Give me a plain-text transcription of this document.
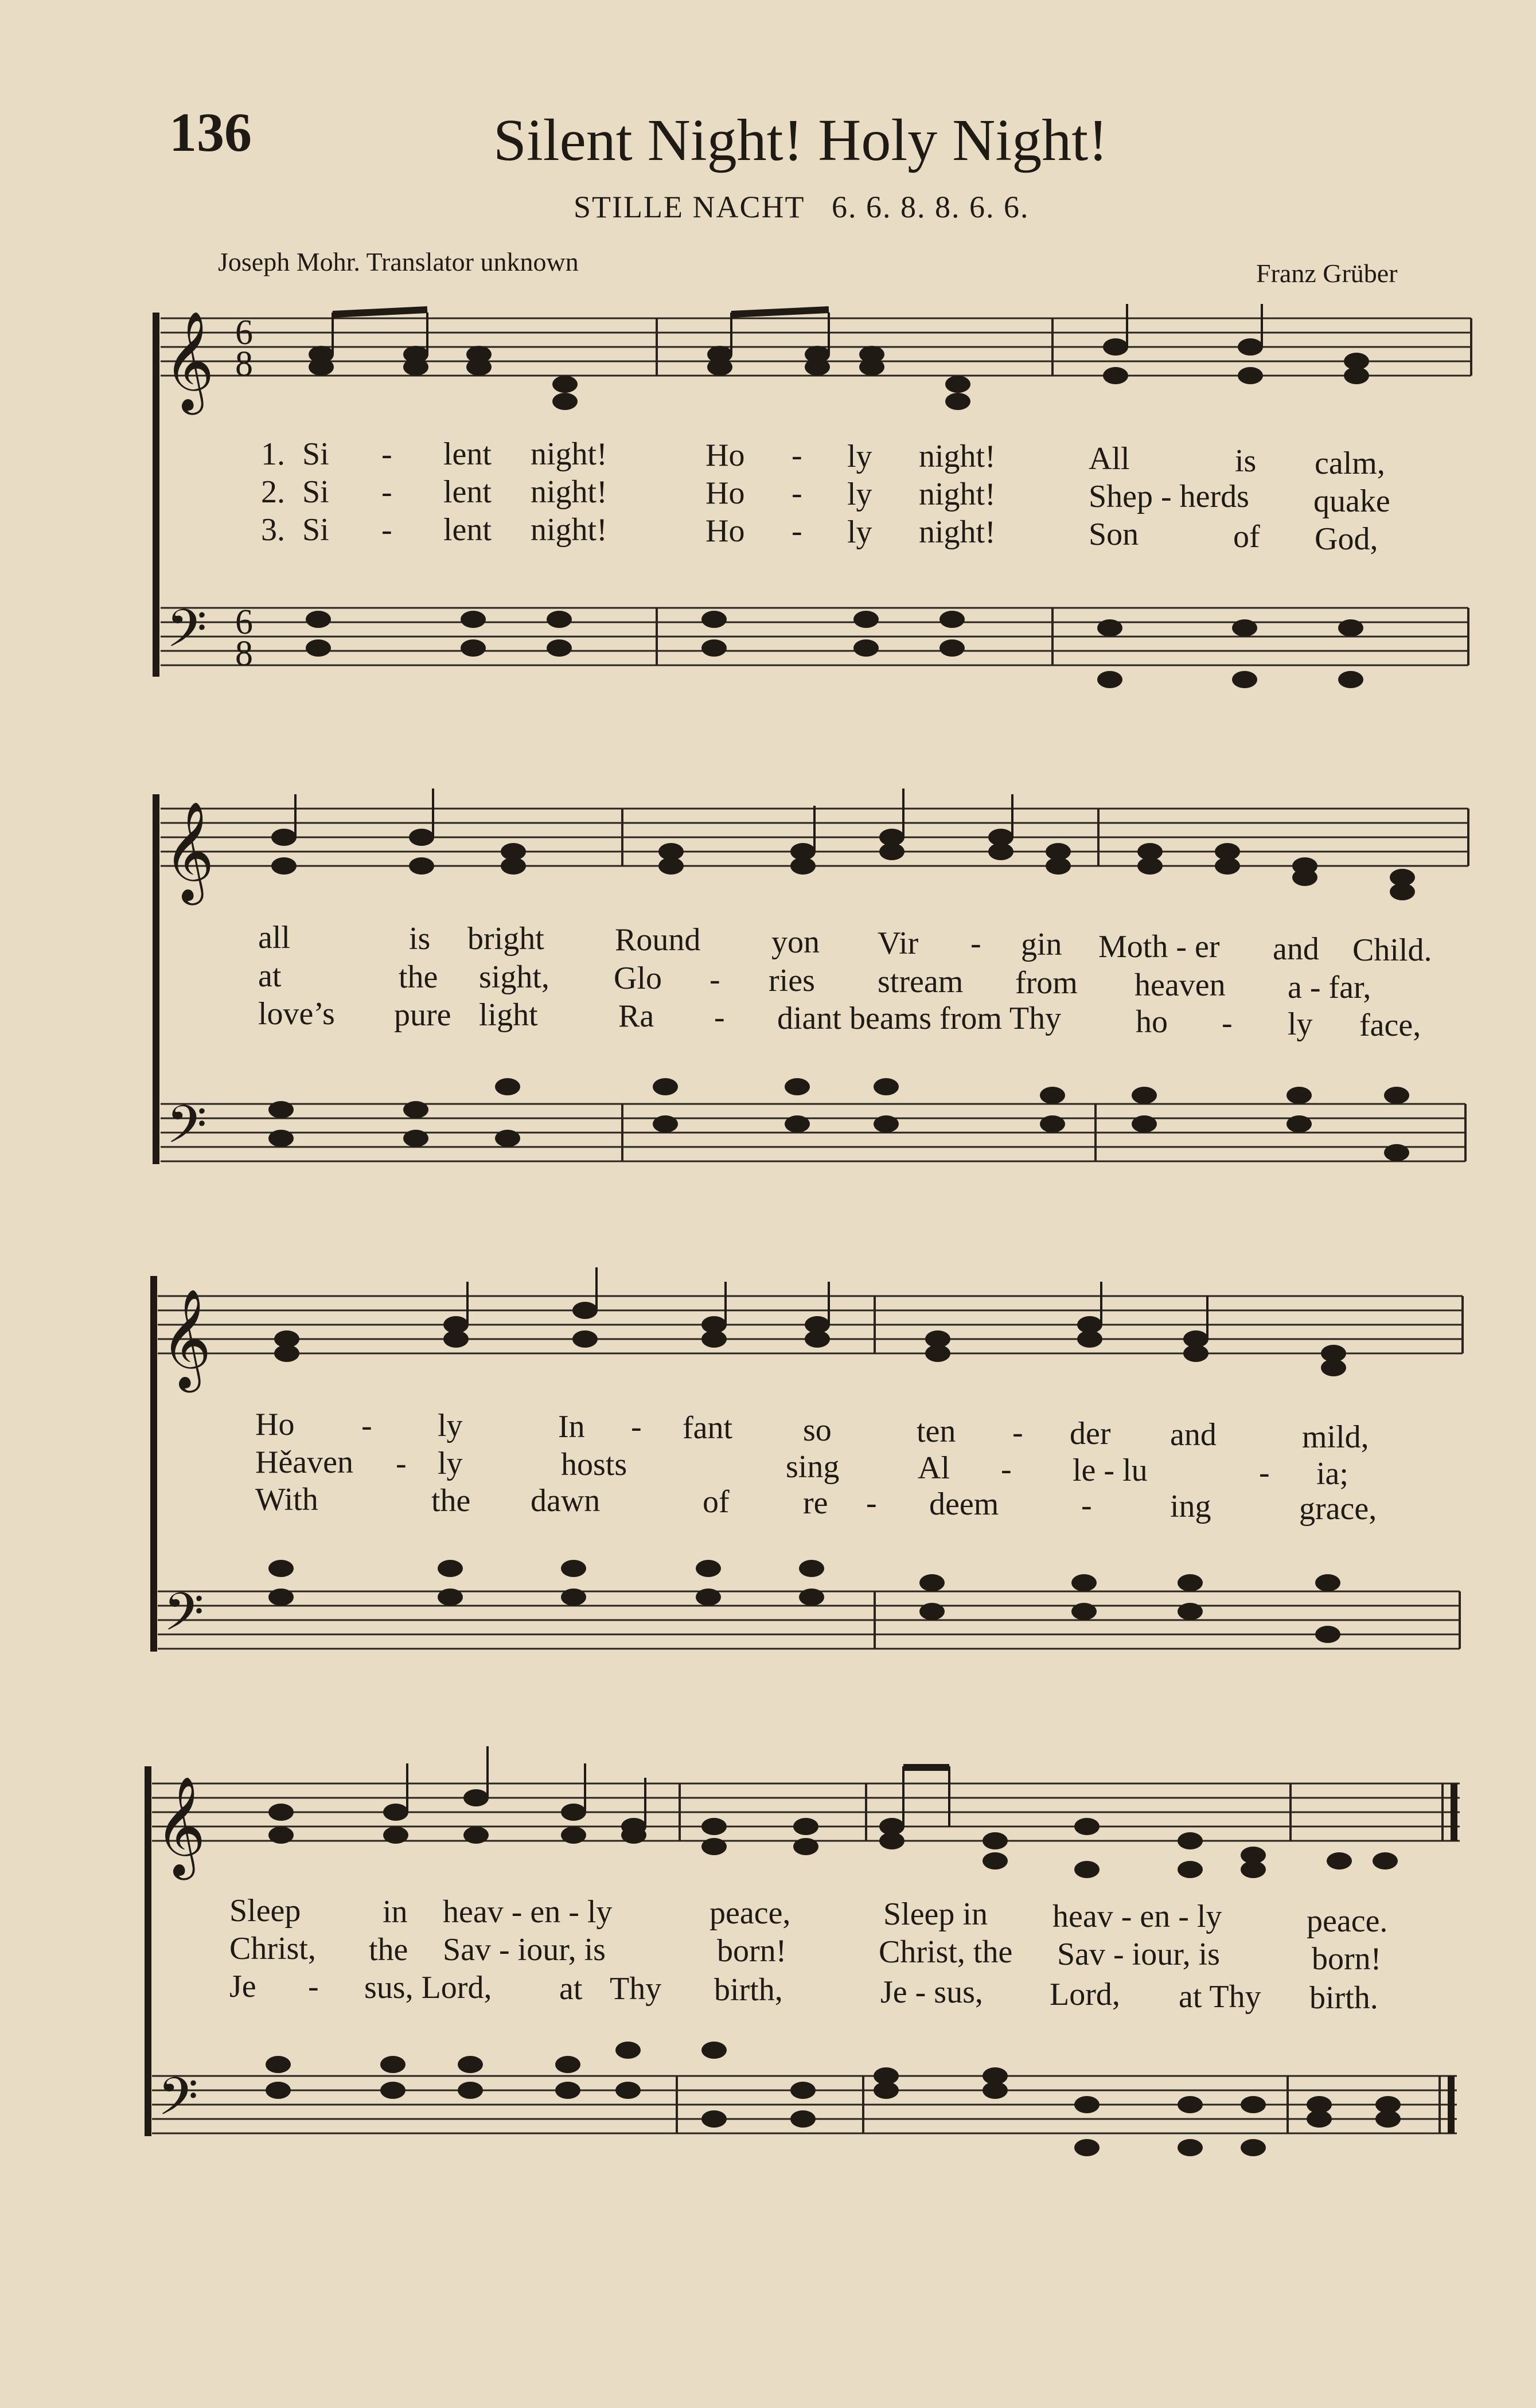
136	Silent Night! Holy Night!
STILLE NACHT 6. 6. 8. 8. 6. 6.
Joseph Mohr. Translator unknown	Franz Grüber
𝄞 6
8
𝄢 6
8
𝄞
𝄢
𝄞
𝄢
𝄞
𝄢
1.
2.
3.
Si - lent night!	Ho - ly night!	All	is calm,
Si - lent night!	Ho - ly night!	Shep - herds quake
Si - lent night!	Ho - ly night!	Son	of God,
all	is bright Round yon Vir - gin Moth - er and Child.
at	the sight, Glo - ries stream from heaven a - far,
love’s pure light	Ra - diant beams from Thy ho - ly face,
Ho - ly	In - fant so	ten - der and	mild,
Hěaven - ly	hosts	sing Al - le - lu	- ia;
With	the dawn	of re - deem	- ing	grace,
Sleep	in heav - en - ly	peace,	Sleep in heav - en - ly	peace.
Christ, the Sav - iour, is	born!	Christ, the Sav - iour, is	born!
Je - sus, Lord, at Thy birth,	Je - sus, Lord, at Thy birth.
